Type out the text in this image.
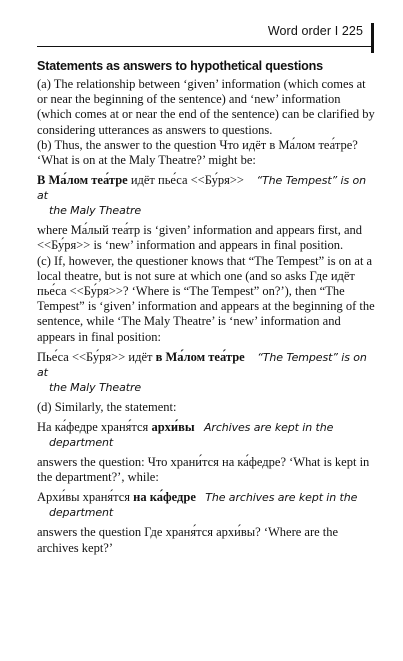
Word order I 225

Statements as answers to hypothetical questions

(a) The relationship between ‘given’ information (which comes at or near the beginning of the sentence) and ‘new’ information (which comes at or near the end of the sentence) can be clarified by considering utterances as answers to questions.

(b) Thus, the answer to the question Что идёт в Ма́лом теа́тре? ‘What is on at the Maly Theatre?’ might be:

В Ма́лом теа́тре идёт пье́са <<Бу́ря>> “The Tempest” is on at
the Maly Theatre

where Ма́лый теа́тр is ‘given’ information and appears first, and <<Бу́ря>> is ‘new’ information and appears in final position.

(c) If, however, the questioner knows that “The Tempest” is on at a local theatre, but is not sure at which one (and so asks Где идёт пье́са <<Бу́ря>>? ‘Where is “The Tempest” on?’), then “The Tempest” is ‘given’ information and appears at the beginning of the sentence, while ‘The Maly Theatre’ is ‘new’ information and appears in final position:

Пье́са <<Бу́ря>> идёт в Ма́лом теа́тре “The Tempest” is on at
the Maly Theatre

(d) Similarly, the statement:

На ка́федре храня́тся архи́вы Archives are kept in the
department

answers the question: Что храни́тся на ка́федре? ‘What is kept in the department?’, while:

Архи́вы храня́тся на ка́федре The archives are kept in the
department

answers the question Где храня́тся архи́вы? ‘Where are the archives kept?’
